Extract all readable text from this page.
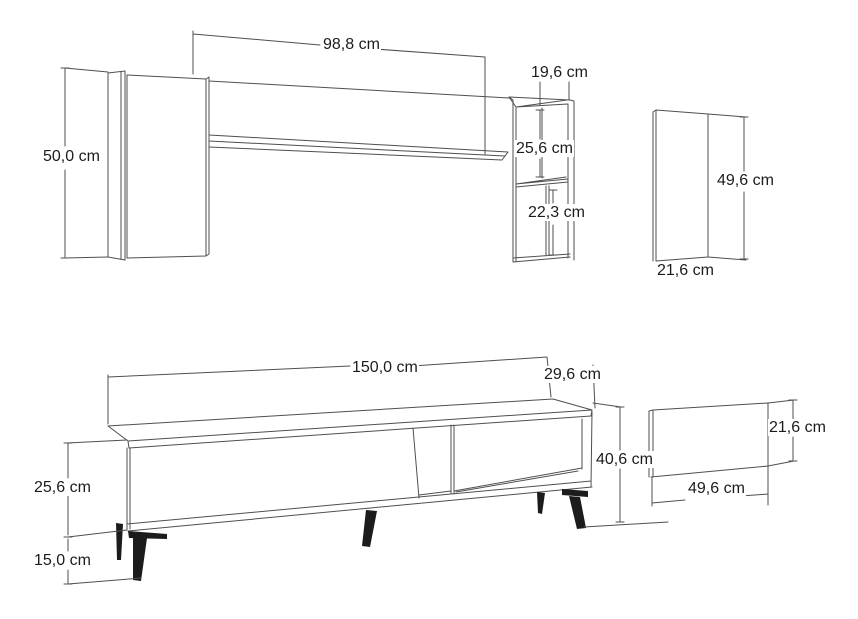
98,8 cm
19,6 cm
50,0 cm	25,6 cm
22,3 cm
49,6 cm
21,6 cm
150,0 cm	29,6 cm
40,6 cm
25,6 cm
15,0 cm
21,6 cm
49,6 cm
